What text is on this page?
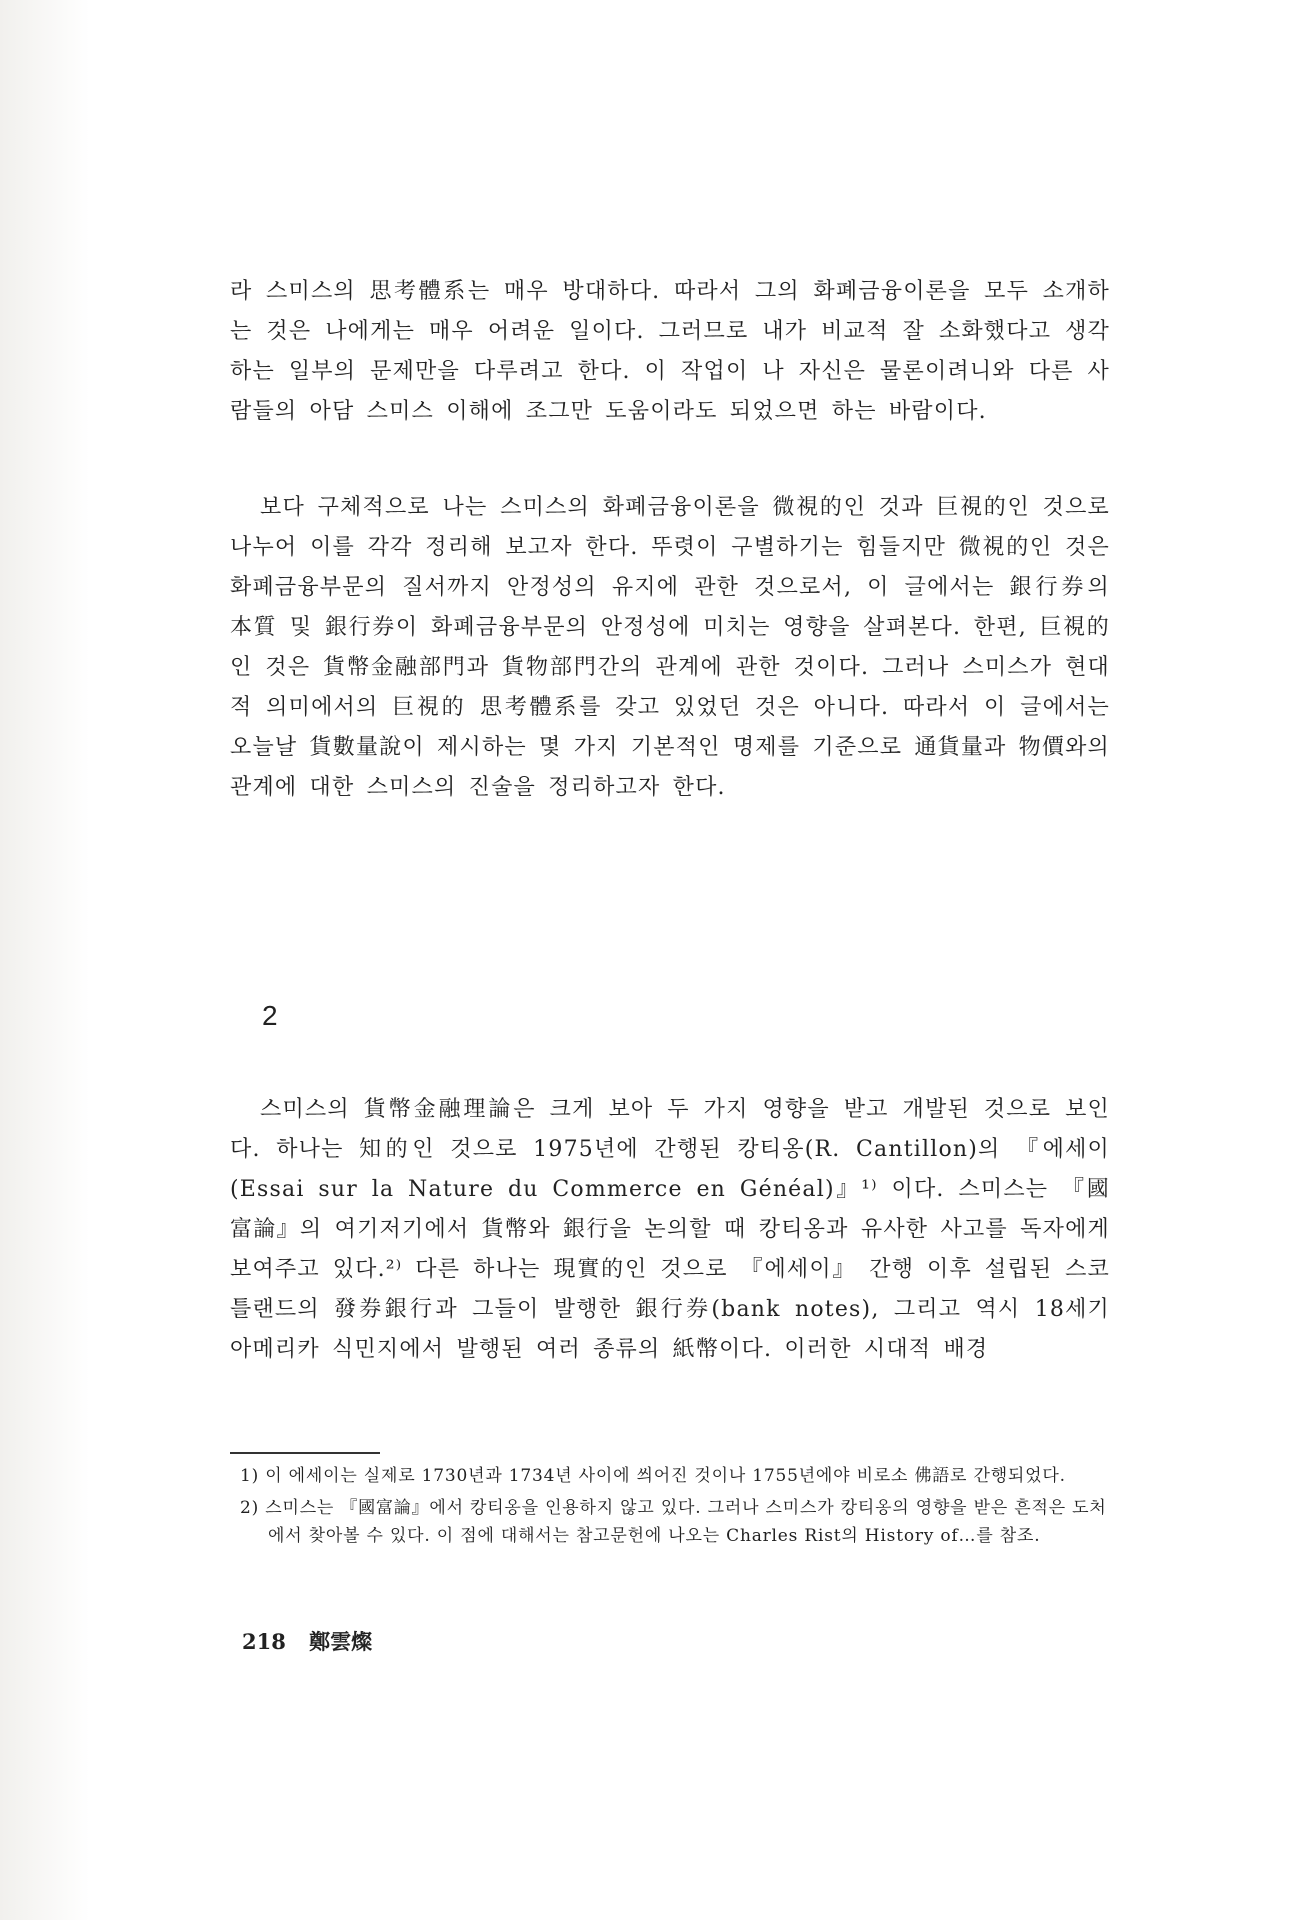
라 스미스의 思考體系는 매우 방대하다. 따라서 그의 화폐금융이론을 모두 소개하는 것은 나에게는 매우 어려운 일이다. 그러므로 내가 비교적 잘 소화했다고 생각하는 일부의 문제만을 다루려고 한다. 이 작업이 나 자신은 물론이려니와 다른 사람들의 아담 스미스 이해에 조그만 도움이라도 되었으면 하는 바람이다.

보다 구체적으로 나는 스미스의 화폐금융이론을 微視的인 것과 巨視的인 것으로 나누어 이를 각각 정리해 보고자 한다. 뚜렷이 구별하기는 힘들지만 微視的인 것은 화폐금융부문의 질서까지 안정성의 유지에 관한 것으로서, 이 글에서는 銀行券의 本質 및 銀行券이 화폐금융부문의 안정성에 미치는 영향을 살펴본다. 한편, 巨視的인 것은 貨幣金融部門과 貨物部門간의 관계에 관한 것이다. 그러나 스미스가 현대적 의미에서의 巨視的 思考體系를 갖고 있었던 것은 아니다. 따라서 이 글에서는 오늘날 貨數量說이 제시하는 몇 가지 기본적인 명제를 기준으로 通貨量과 物價와의 관계에 대한 스미스의 진술을 정리하고자 한다.

2

스미스의 貨幣金融理論은 크게 보아 두 가지 영향을 받고 개발된 것으로 보인다. 하나는 知的인 것으로 1975년에 간행된 캉티옹(R. Cantillon)의 『에세이 (Essai sur la Nature du Commerce en Généal)』¹⁾ 이다. 스미스는 『國富論』의 여기저기에서 貨幣와 銀行을 논의할 때 캉티옹과 유사한 사고를 독자에게 보여주고 있다.²⁾ 다른 하나는 現實的인 것으로 『에세이』 간행 이후 설립된 스코틀랜드의 發券銀行과 그들이 발행한 銀行券(bank notes), 그리고 역시 18세기 아메리카 식민지에서 발행된 여러 종류의 紙幣이다. 이러한 시대적 배경

1) 이 에세이는 실제로 1730년과 1734년 사이에 씌어진 것이나 1755년에야 비로소 佛語로 간행되었다.

2) 스미스는 『國富論』에서 캉티옹을 인용하지 않고 있다. 그러나 스미스가 캉티옹의 영향을 받은 흔적은 도처에서 찾아볼 수 있다. 이 점에 대해서는 참고문헌에 나오는 Charles Rist의 History of…를 참조.

218 鄭雲燦
